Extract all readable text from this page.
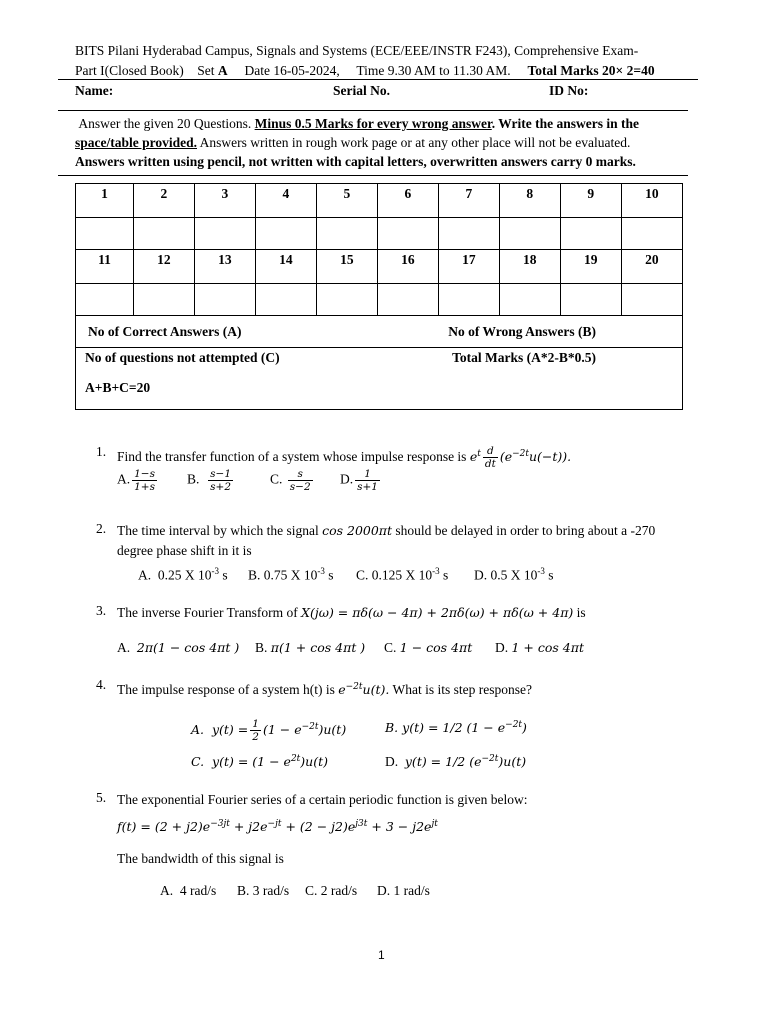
BITS Pilani Hyderabad Campus, Signals and Systems (ECE/EEE/INSTR F243), Comprehensive Exam-
Part I(Closed Book) Set A Date 16-05-2024, Time 9.30 AM to 11.30 AM. Total Marks 20× 2=40
Name:	Serial No.	ID No:
Answer the given 20 Questions. Minus 0.5 Marks for every wrong answer. Write the answers in the space/table provided. Answers written in rough work page or at any other place will not be evaluated. Answers written using pencil, not written with capital letters, overwritten answers carry 0 marks.
1	2	3	4	5	6	7	8	9	10

11	12	13	14	15	16	17	18	19	20

No of Correct Answers (A) No of Wrong Answers (B)									

No of questions not attempted (C) Total Marks (A*2-B*0.5)
A+B+C=20									
1. Find the transfer function of a system whose impulse response is $e^t \frac{d}{dt} (e^{-2t}u(-t))$.
A. $\frac{1-s}{1+s} B$. $\frac{s-1}{s+2}$	C. $\frac{s}{s-2} D$. $\frac{1}{s+1}$
2. The time interval by which the signal cos 2000πt should be delayed in order to bring about a -270
degree phase shift in it is
A. 0.25 X $10^{-3}$ s B. 0.75 X $10^{-3}$ s C. 0.125 X $10^{-3}$ s D. 0.5 X $10^{-3}$ s
3. The inverse Fourier Transform of X(jω) = πδ(ω − 4π) + 2πδ(ω) + πδ(ω + 4π) is
A. 2π(1 − cos 4πt ) B. π(1 + cos 4πt ) C. 1 − cos 4πt D. 1 + cos 4πt
4. The impulse response of a system h(t) is $e^{-2t}u(t)$. What is its step response?
A. $y(t) = \frac{1}{2} (1 - e^{-2t})u(t)$	B. y(t) = 1/2 $(1 - e^{-2t})$
C. $y(t) = (1 - e^{2t})u(t)$	D. y(t) = 1/2 $(e^{-2t})u(t)$
5. The exponential Fourier series of a certain periodic function is given below:
$f(t) = (2 + j2)e^{-3jt} + j2e^{-jt} + (2 - j2)e^{j3t} + 3 - j2e^{jt}$
The bandwidth of this signal is
A. 4 rad/s B. 3 rad/s C. 2 rad/s D. 1 rad/s
1
